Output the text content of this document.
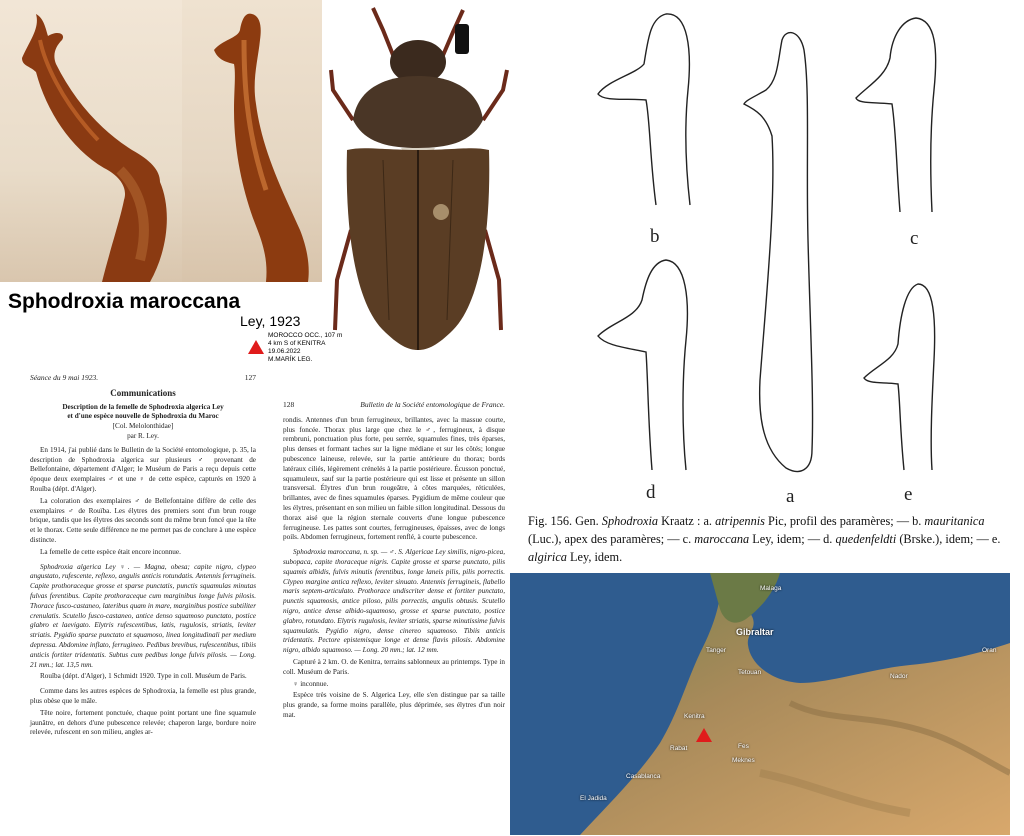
Sphodroxia maroccana
Ley, 1923
MOROCCO OCC., 107 m
4 km S of KENITRA
19.06.2022
M.MARÍK LEG.
Séance du 9 mai 1923.	127
Communications
Description de la femelle de Sphodroxia algerica Ley
et d'une espèce nouvelle de Sphodroxia du Maroc
[Col. Melolonthidae]
par R. Ley.

En 1914, j'ai publié dans le Bulletin de la Société entomologique, p. 35, la description de Sphodroxia algerica sur plusieurs ♂ provenant de Bellefontaine, département d'Alger; le Muséum de Paris a reçu depuis cette époque deux exemplaires ♂ et une ♀ de cette espèce, capturés en 1920 à Rouïba (dépt. d'Alger).

La coloration des exemplaires ♂ de Bellefontaine diffère de celle des exemplaires ♂ de Rouïba. Les élytres des premiers sont d'un brun rouge brique, tandis que les élytres des seconds sont du même brun foncé que la tête et le thorax. Cette seule différence ne me permet pas de conclure à une espèce distincte.

La femelle de cette espèce était encore inconnue.

Sphodroxia algerica Ley ♀. — Magna, obesa; capite nigro, clypeo angustato, rufescente, reflexo, angulis anticis rotundatis. Antennis ferrugineis. Capite prothoraceque grosse et sparse punctatis, punctis squamulas minutas fulvas ferentibus. Capite prothoraceque cum marginibus longe fulvis pilosis. Thorace fusco-castaneo, lateribus quam in mare, marginibus postice subtiliter crenulatis. Scutello fusco-castaneo, antice denso squamoso punctato, postice glabro et laevigato. Elytris rufescentibus, latis, rugulosis, striatis, leviter striatis. Pygidio sparse punctato et squamoso, linea longitudinali per medium depressa. Abdomine inflato, ferrugineo. Pedibus brevibus, rufescentibus, tibiis anticis fortiter tridentatis. Subtus cum pedibus longe fulvis pilosis. — Long. 21 mm.; lat. 13,5 mm.

Rouïba (dépt. d'Alger), 1 Schmidt 1920. Type in coll. Muséum de Paris.

Comme dans les autres espèces de Sphodroxia, la femelle est plus grande, plus obèse que le mâle.

Tête noire, fortement ponctuée, chaque point portant une fine squamule jaunâtre, en dehors d'une pubescence relevée; chaperon large, bordure noire relevée, rufescent en son milieu, angles ar-

128	Bulletin de la Société entomologique de France.

rondis. Antennes d'un brun ferrugineux, brillantes, avec la massue courte, plus foncée. Thorax plus large que chez le ♂, ferrugineux, à disque rembruni, ponctuation plus forte, peu serrée, squamules fines, très éparses, plus denses et formant taches sur la ligne médiane et sur les côtés; longue pubescence laineuse, relevée, sur la partie antérieure du thorax; bords latéraux ciliés, légèrement crénelés à la partie postérieure. Écusson ponctué, squamuleux, sauf sur la partie postérieure qui est lisse et présente un sillon transversal. Élytres d'un brun rougeâtre, à côtes marquées, réticulées, brillantes, avec de fines squamules éparses. Pygidium de même couleur que les élytres, présentant en son milieu un faible sillon longitudinal. Dessous du thorax aisé que la région sternale couverts d'une longue pubescence ferrugineuse. Les pattes sont courtes, ferrugineuses, épaisses, avec de longs poils. Abdomen ferrugineux, fortement renflé, à courte pubescence.

Sphodroxia maroccana, n. sp. — ♂. S. Algericae Ley similis, nigro-picea, subopaca, capite thoraceque nigris. Capite grosse et sparse punctato, pilis squamis albidis, fulvis minutis ferentibus, longe laneis pilis, pilis porrectis. Clypeo margine antica reflexo, leviter sinuato. Antennis ferrugineis, flabello maris septem-articulato. Prothorace undiscriter dense et fortiter punctato, punctis squamosis, antice piloso, pilis porrectis, angulis obtusis. Scutello nigro, antice dense albido-squamoso, grosse et sparse punctato, postice glabro, rotundato. Elytris rugulosis, leviter striatis, sparse minutissime fulvis squamulatis. Pygidio nigro, dense cinereo squamoso. Tibiis anticis tridentatis. Pectore epistemisque longe et dense flavis pilosis. Abdomine nigro, albido squamoso. — Long. 20 mm.; lat. 12 mm.

Capturé à 2 km. O. de Kenitra, terrains sablonneux au printemps. Type in coll. Muséum de Paris.

♀ inconnue.

Espèce très voisine de S. Algerica Ley, elle s'en distingue par sa taille plus grande, sa forme moins parallèle, plus déprimée, ses élytres d'un noir mat.

b	c
a
d	e
Fig. 156. Gen. Sphodroxia Kraatz : a. atripennis Pic, profil des paramères; — b. mauritanica (Luc.), apex des paramères; — c. maroccana Ley, idem; — d. quedenfeldti (Brske.), idem; — e. algirica Ley, idem.
Gibraltar
Tanger
Malaga
Oran
Kenitra
Rabat	Fes
Meknes
Casablanca
El Jadida
Nador
Tetouan
